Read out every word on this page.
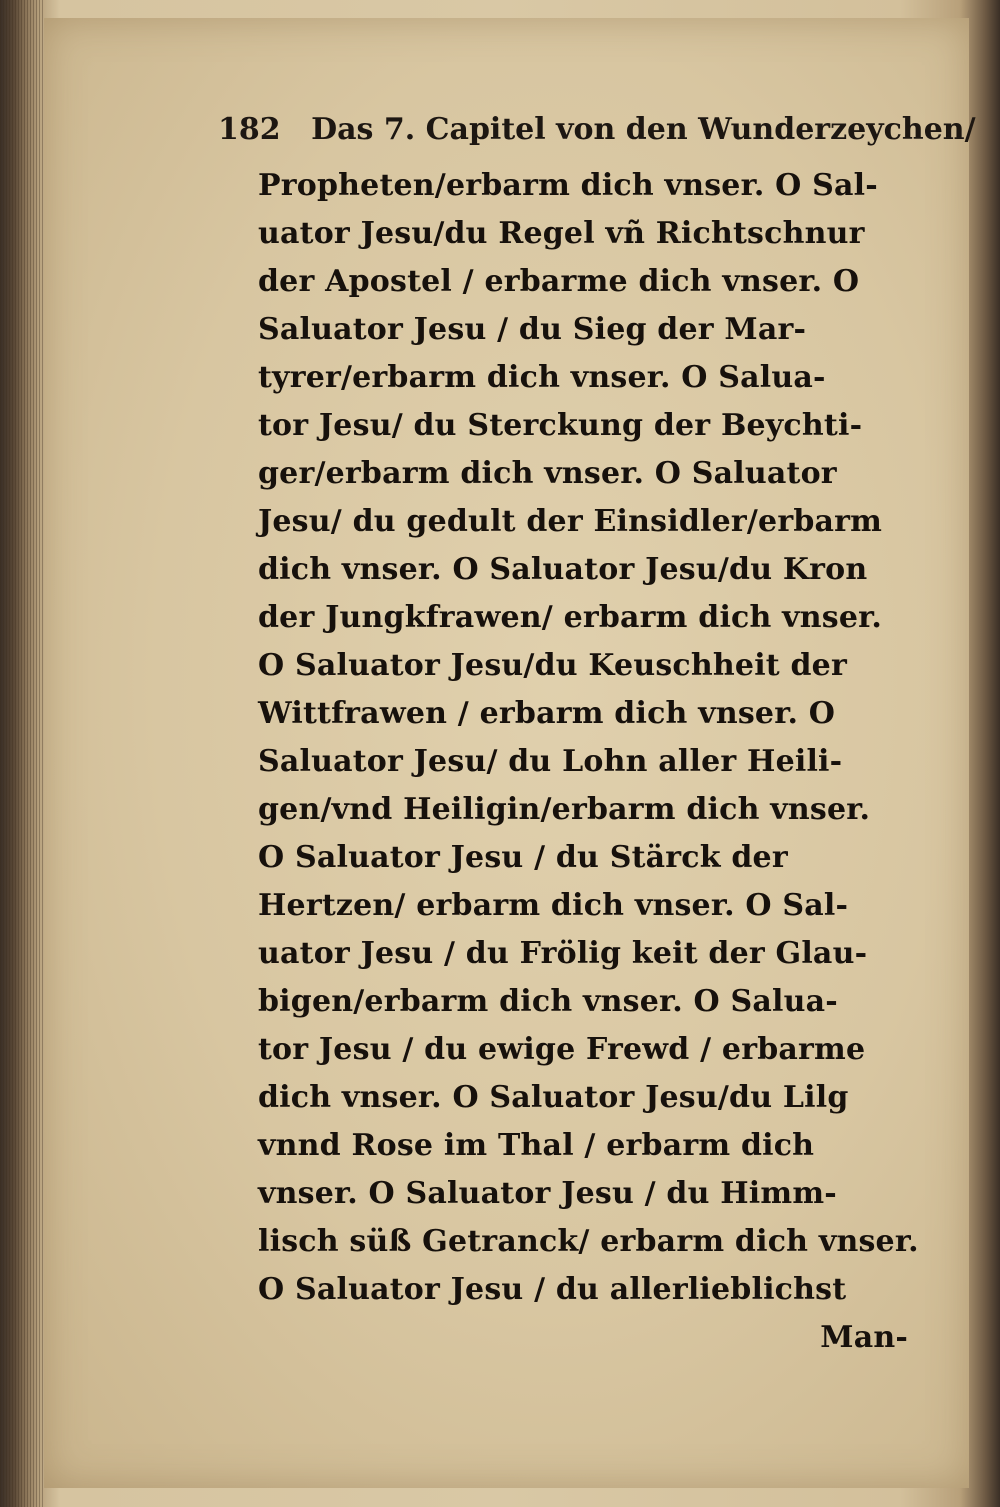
182 Das 7. Capitel von den Wunderzeychen/
Propheten/erbarm dich vnser. O Sal-
uator Jesu/du Regel vñ Richtschnur
der Apostel / erbarme dich vnser. O
Saluator Jesu / du Sieg der Mar-
tyrer/erbarm dich vnser. O Salua-
tor Jesu/ du Sterckung der Beychti-
ger/erbarm dich vnser. O Saluator
Jesu/ du gedult der Einsidler/erbarm
dich vnser. O Saluator Jesu/du Kron
der Jungkfrawen/ erbarm dich vnser.
O Saluator Jesu/du Keuschheit der
Wittfrawen / erbarm dich vnser. O
Saluator Jesu/ du Lohn aller Heili-
gen/vnd Heiligin/erbarm dich vnser.
O Saluator Jesu / du Stärck der
Hertzen/ erbarm dich vnser. O Sal-
uator Jesu / du Frölig keit der Glau-
bigen/erbarm dich vnser. O Salua-
tor Jesu / du ewige Frewd / erbarme
dich vnser. O Saluator Jesu/du Lilg
vnnd Rose im Thal / erbarm dich
vnser. O Saluator Jesu / du Himm-
lisch süß Getranck/ erbarm dich vnser.
O Saluator Jesu / du allerlieblichst
Man-
